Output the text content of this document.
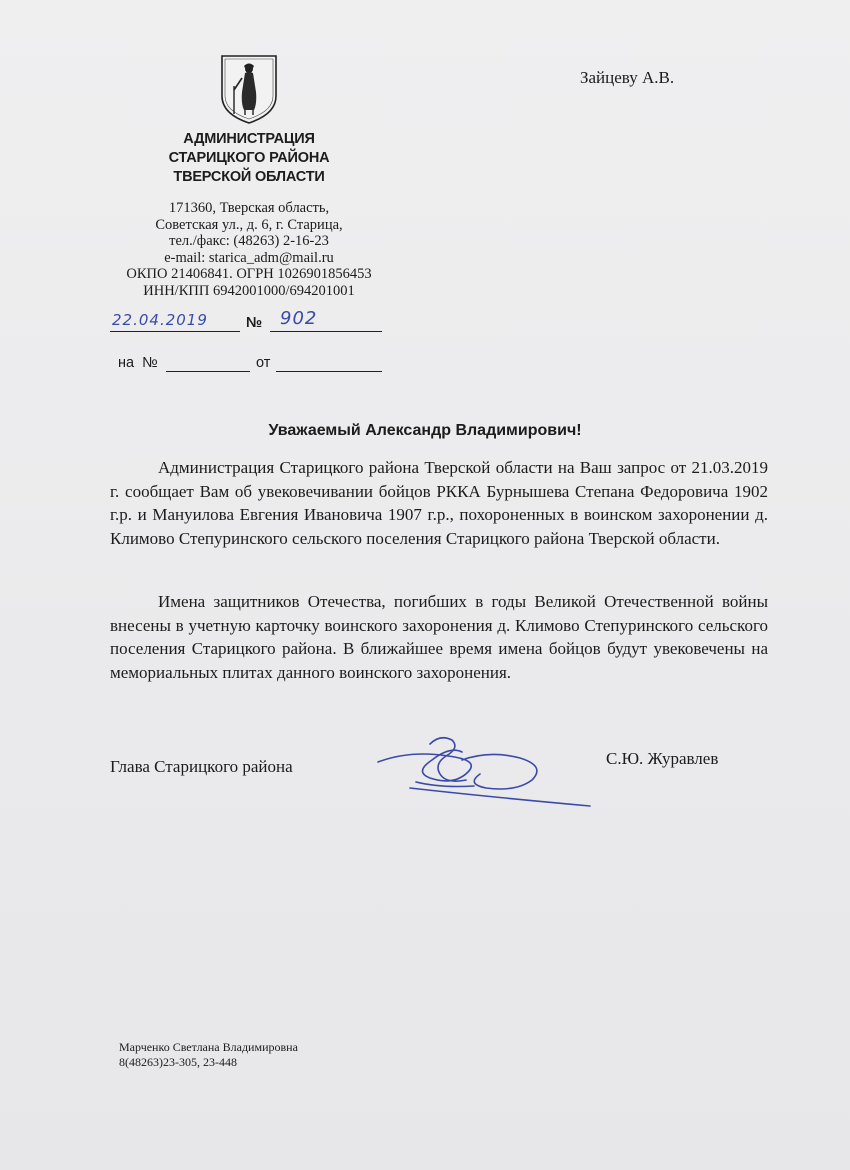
Зайцеву А.В.
АДМИНИСТРАЦИЯ
СТАРИЦКОГО РАЙОНА
ТВЕРСКОЙ ОБЛАСТИ
171360, Тверская область,
Советская ул., д. 6, г. Старица,
тел./факс: (48263) 2-16-23
e-mail: starica_adm@mail.ru
ОКПО 21406841. ОГРН 1026901856453
ИНН/КПП 6942001000/694201001
22.04.2019	№ 902
на  №	от
Уважаемый Александр Владимирович!
Администрация Старицкого района Тверской области на Ваш запрос от 21.03.2019 г. сообщает Вам об увековечивании бойцов РККА Бурнышева Степана Федоровича 1902 г.р. и Мануилова Евгения Ивановича 1907 г.р., похороненных в воинском захоронении д. Климово Степуринского сельского поселения Старицкого района Тверской области.
Имена защитников Отечества, погибших в годы Великой Отечественной войны внесены в учетную карточку воинского захоронения д. Климово Степуринского сельского поселения Старицкого района. В ближайшее время имена бойцов будут увековечены на мемориальных плитах данного воинского захоронения.
Глава Старицкого района	С.Ю. Журавлев
Марченко Светлана Владимировна
8(48263)23-305, 23-448
